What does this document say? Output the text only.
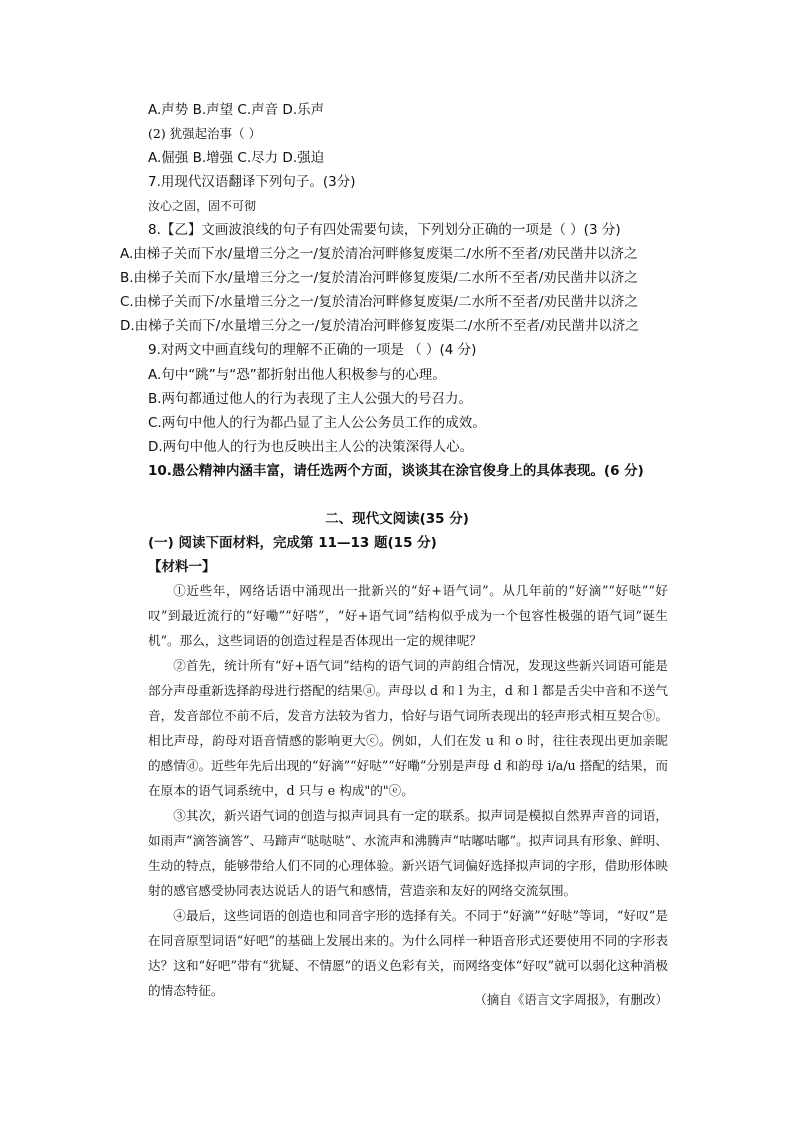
A.声势 B.声望 C.声音 D.乐声
(2) 犹强起治事（ ）
A.倔强 B.增强 C.尽力 D.强迫
7.用现代汉语翻译下列句子。(3分)
汝心之固，固不可彻
8.【乙】文画波浪线的句子有四处需要句读，下列划分正确的一项是（ ）(3 分)
A.由梯子关而下水/量增三分之一/复於清冶河畔修复废渠二/水所不至者/劝民凿井以济之
B.由梯子关而下水/量增三分之一/复於清冶河畔修复废渠/二水所不至者/劝民凿井以济之
C.由梯子关而下/水量增三分之一/复於清冶河畔修复废渠/二水所不至者/劝民凿井以济之
D.由梯子关而下/水量增三分之一/复於清冶河畔修复废渠二/水所不至者/劝民凿井以济之
9.对两文中画直线句的理解不正确的一项是 （ ）(4 分)
A.句中“跳”与“恐”都折射出他人积极参与的心理。
B.两句都通过他人的行为表现了主人公强大的号召力。
C.两句中他人的行为都凸显了主人公公务员工作的成效。
D.两句中他人的行为也反映出主人公的决策深得人心。
10.愚公精神内涵丰富，请任选两个方面，谈谈其在涂官俊身上的具体表现。(6 分)
二、现代文阅读(35 分)
(一) 阅读下面材料，完成第 11—13 题(15 分)
【材料一】
①近些年，网络话语中涌现出一批新兴的“好+语气词”。从几年前的“好滴”“好哒”“好叹”到最近流行的“好嘞”“好嗒”，“好+语气词”结构似乎成为一个包容性极强的语气词“诞生机”。那么，这些词语的创造过程是否体现出一定的规律呢？
②首先，统计所有“好+语气词”结构的语气词的声韵组合情况，发现这些新兴词语可能是部分声母重新选择韵母进行搭配的结果ⓐ。声母以 d 和 l 为主，d 和 l 都是舌尖中音和不送气音，发音部位不前不后，发音方法较为省力，恰好与语气词所表现出的轻声形式相互契合ⓑ。相比声母，韵母对语音情感的影响更大ⓒ。例如，人们在发 u 和 o 时，往往表现出更加亲昵的感情ⓓ。近些年先后出现的“好滴”“好哒”“好嘞”分别是声母 d 和韵母 i/a/u 搭配的结果，而在原本的语气词系统中，d 只与 e 构成"的"ⓔ。
③其次，新兴语气词的创造与拟声词具有一定的联系。拟声词是模拟自然界声音的词语，如雨声“滴答滴答”、马蹄声“哒哒哒”、水流声和沸腾声“咕嘟咕嘟”。拟声词具有形象、鲜明、生动的特点，能够带给人们不同的心理体验。新兴语气词偏好选择拟声词的字形，借助形体映射的感官感受协同表达说话人的语气和感情，营造亲和友好的网络交流氛围。
④最后，这些词语的创造也和同音字形的选择有关。不同于“好滴”“好哒”等词，“好叹”是在同音原型词语“好吧”的基础上发展出来的。为什么同样一种语音形式还要使用不同的字形表达？这和“好吧”带有“犹疑、不情愿”的语义色彩有关，而网络变体“好叹”就可以弱化这种消极的情态特征。
（摘自《语言文字周报》，有删改）
